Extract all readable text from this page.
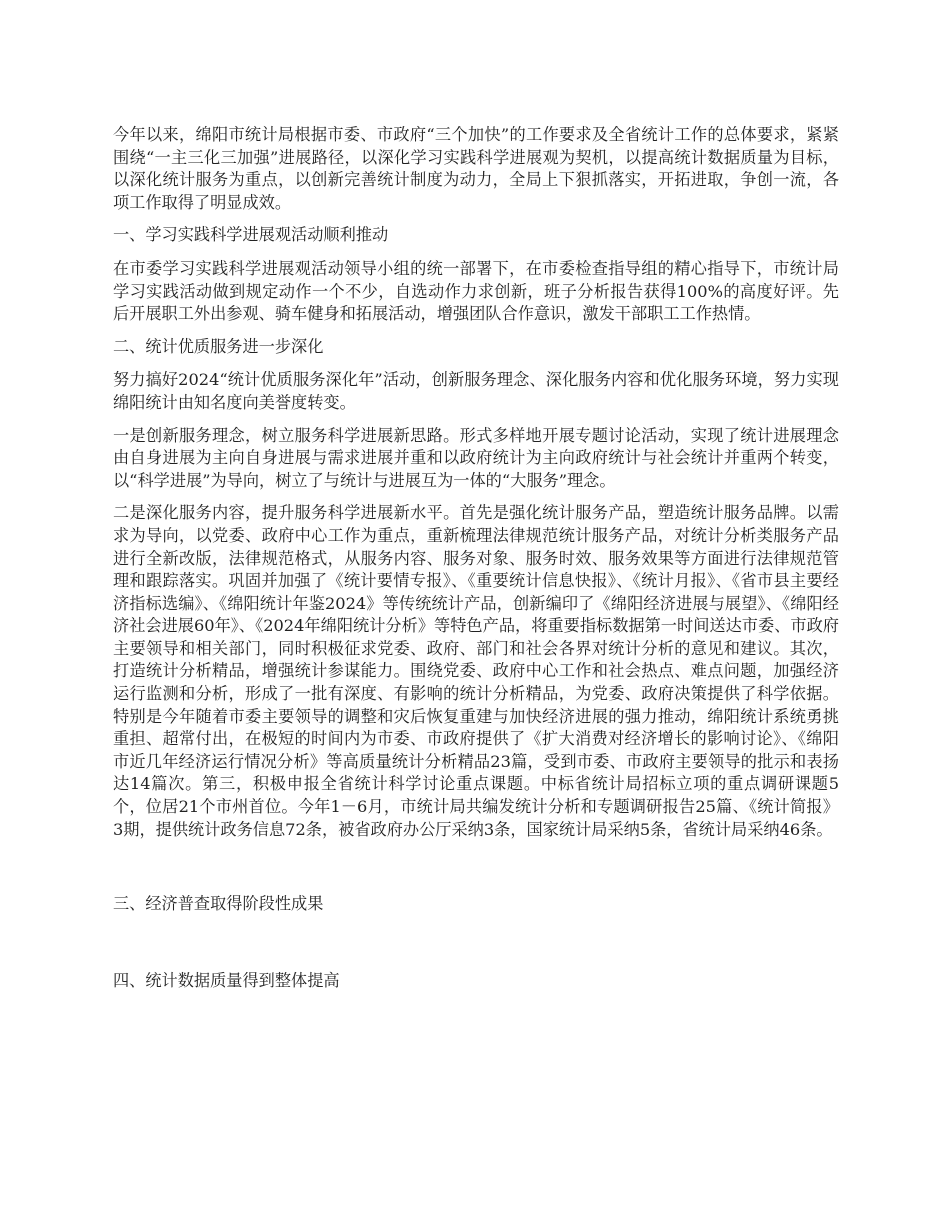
今年以来，绵阳市统计局根据市委、市政府“三个加快”的工作要求及全省统计工作的总体要求，紧紧围绕“一主三化三加强”进展路径，以深化学习实践科学进展观为契机，以提高统计数据质量为目标，以深化统计服务为重点，以创新完善统计制度为动力，全局上下狠抓落实，开拓进取，争创一流，各项工作取得了明显成效。

一、学习实践科学进展观活动顺利推动

在市委学习实践科学进展观活动领导小组的统一部署下，在市委检查指导组的精心指导下，市统计局学习实践活动做到规定动作一个不少，自选动作力求创新，班子分析报告获得100%的高度好评。先后开展职工外出参观、骑车健身和拓展活动，增强团队合作意识，激发干部职工工作热情。

二、统计优质服务进一步深化

努力搞好2024“统计优质服务深化年”活动，创新服务理念、深化服务内容和优化服务环境，努力实现绵阳统计由知名度向美誉度转变。

一是创新服务理念，树立服务科学进展新思路。形式多样地开展专题讨论活动，实现了统计进展理念由自身进展为主向自身进展与需求进展并重和以政府统计为主向政府统计与社会统计并重两个转变，以“科学进展”为导向，树立了与统计与进展互为一体的“大服务”理念。

二是深化服务内容，提升服务科学进展新水平。首先是强化统计服务产品，塑造统计服务品牌。以需求为导向，以党委、政府中心工作为重点，重新梳理法律规范统计服务产品，对统计分析类服务产品进行全新改版，法律规范格式，从服务内容、服务对象、服务时效、服务效果等方面进行法律规范管理和跟踪落实。巩固并加强了《统计要情专报》、《重要统计信息快报》、《统计月报》、《省市县主要经济指标选编》、《绵阳统计年鉴2024》等传统统计产品，创新编印了《绵阳经济进展与展望》、《绵阳经济社会进展60年》、《2024年绵阳统计分析》等特色产品，将重要指标数据第一时间送达市委、市政府主要领导和相关部门，同时积极征求党委、政府、部门和社会各界对统计分析的意见和建议。其次，打造统计分析精品，增强统计参谋能力。围绕党委、政府中心工作和社会热点、难点问题，加强经济运行监测和分析，形成了一批有深度、有影响的统计分析精品，为党委、政府决策提供了科学依据。特别是今年随着市委主要领导的调整和灾后恢复重建与加快经济进展的强力推动，绵阳统计系统勇挑重担、超常付出，在极短的时间内为市委、市政府提供了《扩大消费对经济增长的影响讨论》、《绵阳市近几年经济运行情况分析》等高质量统计分析精品23篇，受到市委、市政府主要领导的批示和表扬达14篇次。第三，积极申报全省统计科学讨论重点课题。中标省统计局招标立项的重点调研课题5个，位居21个市州首位。今年1－6月，市统计局共编发统计分析和专题调研报告25篇、《统计简报》3期，提供统计政务信息72条，被省政府办公厅采纳3条，国家统计局采纳5条，省统计局采纳46条。

三、经济普查取得阶段性成果

四、统计数据质量得到整体提高
